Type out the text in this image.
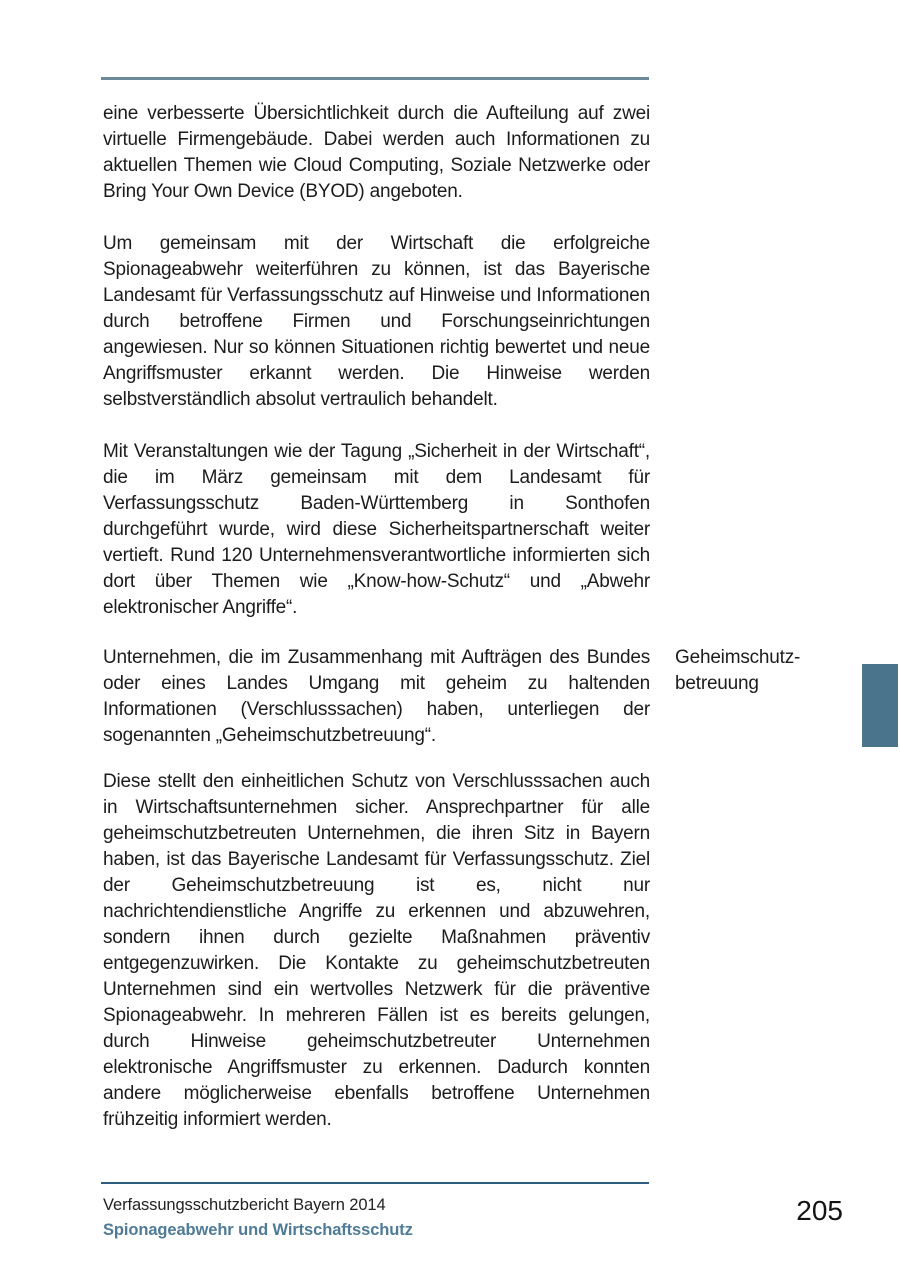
eine verbesserte Übersichtlichkeit durch die Aufteilung auf zwei virtuelle Firmengebäude. Dabei werden auch Informationen zu aktuellen Themen wie Cloud Computing, Soziale Netzwerke oder Bring Your Own Device (BYOD) angeboten.

Um gemeinsam mit der Wirtschaft die erfolgreiche Spionageabwehr weiterführen zu können, ist das Bayerische Landesamt für Verfassungsschutz auf Hinweise und Informationen durch betroffene Firmen und Forschungseinrichtungen angewiesen. Nur so können Situationen richtig bewertet und neue Angriffsmuster erkannt werden. Die Hinweise werden selbstverständlich absolut vertraulich behandelt.

Mit Veranstaltungen wie der Tagung „Sicherheit in der Wirtschaft“, die im März gemeinsam mit dem Landesamt für Verfassungsschutz Baden-Württemberg in Sonthofen durchgeführt wurde, wird diese Sicherheitspartnerschaft weiter vertieft. Rund 120 Unternehmensverantwortliche informierten sich dort über Themen wie „Know-how-Schutz“ und „Abwehr elektronischer Angriffe“.

Unternehmen, die im Zusammenhang mit Aufträgen des Bundes oder eines Landes Umgang mit geheim zu haltenden Informationen (Verschlusssachen) haben, unterliegen der sogenannten „Geheimschutzbetreuung“.

Diese stellt den einheitlichen Schutz von Verschlusssachen auch in Wirtschaftsunternehmen sicher. Ansprechpartner für alle geheimschutzbetreuten Unternehmen, die ihren Sitz in Bayern haben, ist das Bayerische Landesamt für Verfassungsschutz. Ziel der Geheimschutzbetreuung ist es, nicht nur nachrichtendienstliche Angriffe zu erkennen und abzuwehren, sondern ihnen durch gezielte Maßnahmen präventiv entgegenzuwirken. Die Kontakte zu geheimschutzbetreuten Unternehmen sind ein wertvolles Netzwerk für die präventive Spionageabwehr. In mehreren Fällen ist es bereits gelungen, durch Hinweise geheimschutzbetreuter Unternehmen elektronische Angriffsmuster zu erkennen. Dadurch konnten andere möglicherweise ebenfalls betroffene Unternehmen frühzeitig informiert werden.

Geheimschutz-
betreuung
Verfassungsschutzbericht Bayern 2014
Spionageabwehr und Wirtschaftsschutz
205
